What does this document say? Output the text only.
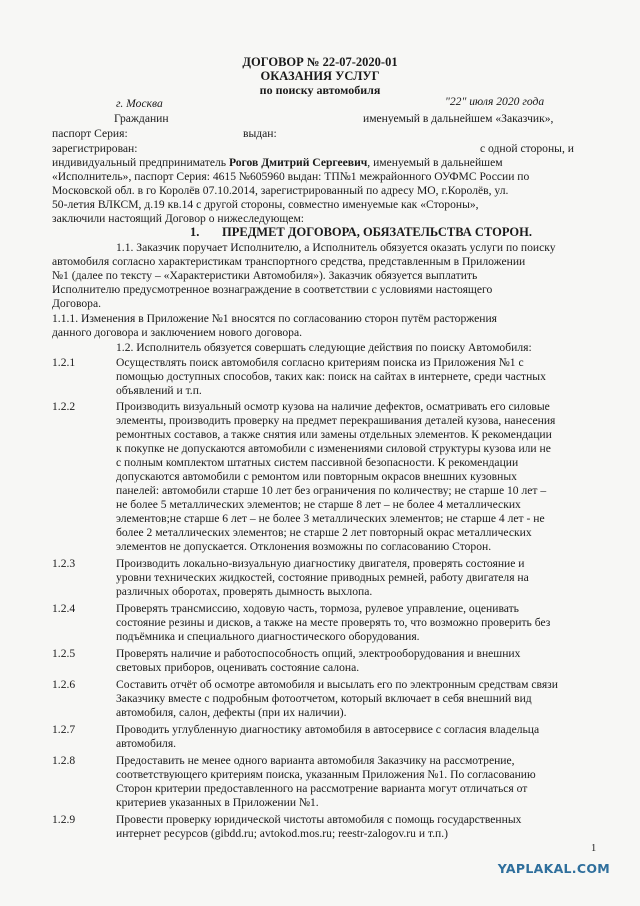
ДОГОВОР № 22-07-2020-01
ОКАЗАНИЯ УСЛУГ
по поиску автомобиля
г. Москва	"22" июля 2020 года
Гражданин	именуемый в дальнейшем «Заказчик»,
паспорт Серия:	выдан:
зарегистрирован:	с одной стороны, и
индивидуальный предприниматель Рогов Дмитрий Сергеевич, именуемый в дальнейшем
«Исполнитель», паспорт Серия: 4615 №605960 выдан: ТП№1 межрайонного ОУФМС России по
Московской обл. в го Королёв 07.10.2014, зарегистрированный по адресу МО, г.Королёв, ул.
50-летия ВЛКСМ, д.19 кв.14 с другой стороны, совместно именуемые как «Стороны»,
заключили настоящий Договор о нижеследующем:
1. ПРЕДМЕТ ДОГОВОРА, ОБЯЗАТЕЛЬСТВА СТОРОН.
1.1. Заказчик поручает Исполнителю, а Исполнитель обязуется оказать услуги по поиску
автомобиля согласно характеристикам транспортного средства, представленным в Приложении
№1 (далее по тексту – «Характеристики Автомобиля»). Заказчик обязуется выплатить
Исполнителю предусмотренное вознаграждение в соответствии с условиями настоящего
Договора.
1.1.1. Изменения в Приложение №1 вносятся по согласованию сторон путём расторжения
данного договора и заключением нового договора.
1.2. Исполнитель обязуется совершать следующие действия по поиску Автомобиля:
1.2.1	Осуществлять поиск автомобиля согласно критериям поиска из Приложения №1 с
помощью доступных способов, таких как: поиск на сайтах в интернете, среди частных
объявлений и т.п.
1.2.2	Производить визуальный осмотр кузова на наличие дефектов, осматривать его силовые
элементы, производить проверку на предмет перекрашивания деталей кузова, нанесения
ремонтных составов, а также снятия или замены отдельных элементов. К рекомендации
к покупке не допускаются автомобили с изменениями силовой структуры кузова или не
с полным комплектом штатных систем пассивной безопасности. К рекомендации
допускаются автомобили с ремонтом или повторным окрасов внешних кузовных
панелей: автомобили старше 10 лет без ограничения по количеству; не старше 10 лет –
не более 5 металлических элементов; не старше 8 лет – не более 4 металлических
элементов;не старше 6 лет – не более 3 металлических элементов; не старше 4 лет - не
более 2 металлических элементов; не старше 2 лет повторный окрас металлических
элементов не допускается. Отклонения возможны по согласованию Сторон.
1.2.3	Производить локально-визуальную диагностику двигателя, проверять состояние и
уровни технических жидкостей, состояние приводных ремней, работу двигателя на
различных оборотах, проверять дымность выхлопа.
1.2.4	Проверять трансмиссию, ходовую часть, тормоза, рулевое управление, оценивать
состояние резины и дисков, а также на месте проверять то, что возможно проверить без
подъёмника и специального диагностического оборудования.
1.2.5	Проверять наличие и работоспособность опций, электрооборудования и внешних
световых приборов, оценивать состояние салона.
1.2.6	Составить отчёт об осмотре автомобиля и высылать его по электронным средствам связи
Заказчику вместе с подробным фотоотчетом, который включает в себя внешний вид
автомобиля, салон, дефекты (при их наличии).
1.2.7	Проводить углубленную диагностику автомобиля в автосервисе с согласия владельца
автомобиля.
1.2.8	Предоставить не менее одного варианта автомобиля Заказчику на рассмотрение,
соответствующего критериям поиска, указанным Приложения №1. По согласованию
Сторон критерии предоставленного на рассмотрение варианта могут отличаться от
критериев указанных в Приложении №1.
1.2.9	Провести проверку юридической чистоты автомобиля с помощь государственных
интернет ресурсов (gibdd.ru; avtokod.mos.ru; reestr-zalogov.ru и т.п.)
1
YAPLAKAL.COM
